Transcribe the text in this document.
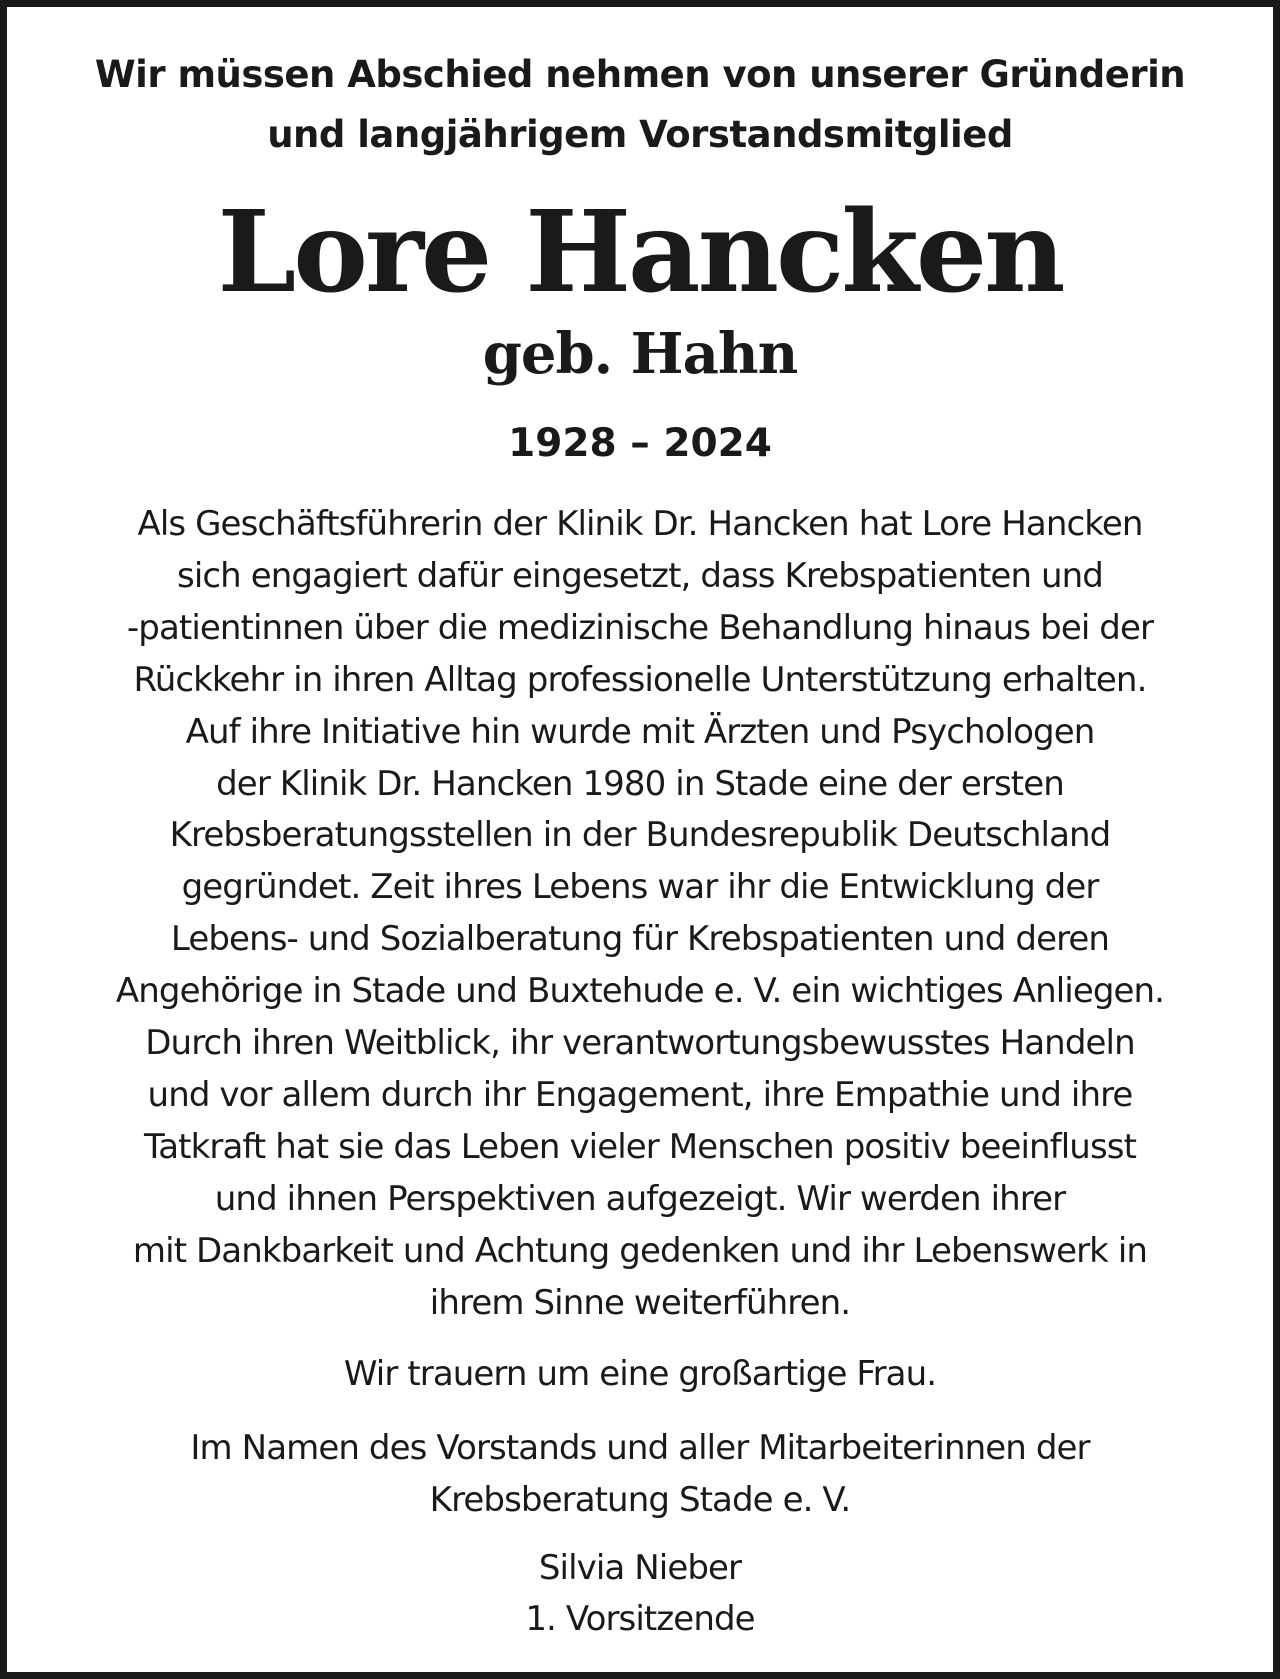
Wir müssen Abschied nehmen von unserer Gründerin
und langjährigem Vorstandsmitglied
Lore Hancken
geb. Hahn
1928 – 2024
Als Geschäftsführerin der Klinik Dr. Hancken hat Lore Hancken
sich engagiert dafür eingesetzt, dass Krebspatienten und
-patientinnen über die medizinische Behandlung hinaus bei der
Rückkehr in ihren Alltag professionelle Unterstützung erhalten.
Auf ihre Initiative hin wurde mit Ärzten und Psychologen
der Klinik Dr. Hancken 1980 in Stade eine der ersten
Krebsberatungsstellen in der Bundesrepublik Deutschland
gegründet. Zeit ihres Lebens war ihr die Entwicklung der
Lebens- und Sozialberatung für Krebspatienten und deren
Angehörige in Stade und Buxtehude e. V. ein wichtiges Anliegen.
Durch ihren Weitblick, ihr verantwortungsbewusstes Handeln
und vor allem durch ihr Engagement, ihre Empathie und ihre
Tatkraft hat sie das Leben vieler Menschen positiv beeinflusst
und ihnen Perspektiven aufgezeigt. Wir werden ihrer
mit Dankbarkeit und Achtung gedenken und ihr Lebenswerk in
ihrem Sinne weiterführen.
Wir trauern um eine großartige Frau.
Im Namen des Vorstands und aller Mitarbeiterinnen der
Krebsberatung Stade e. V.
Silvia Nieber
1. Vorsitzende
